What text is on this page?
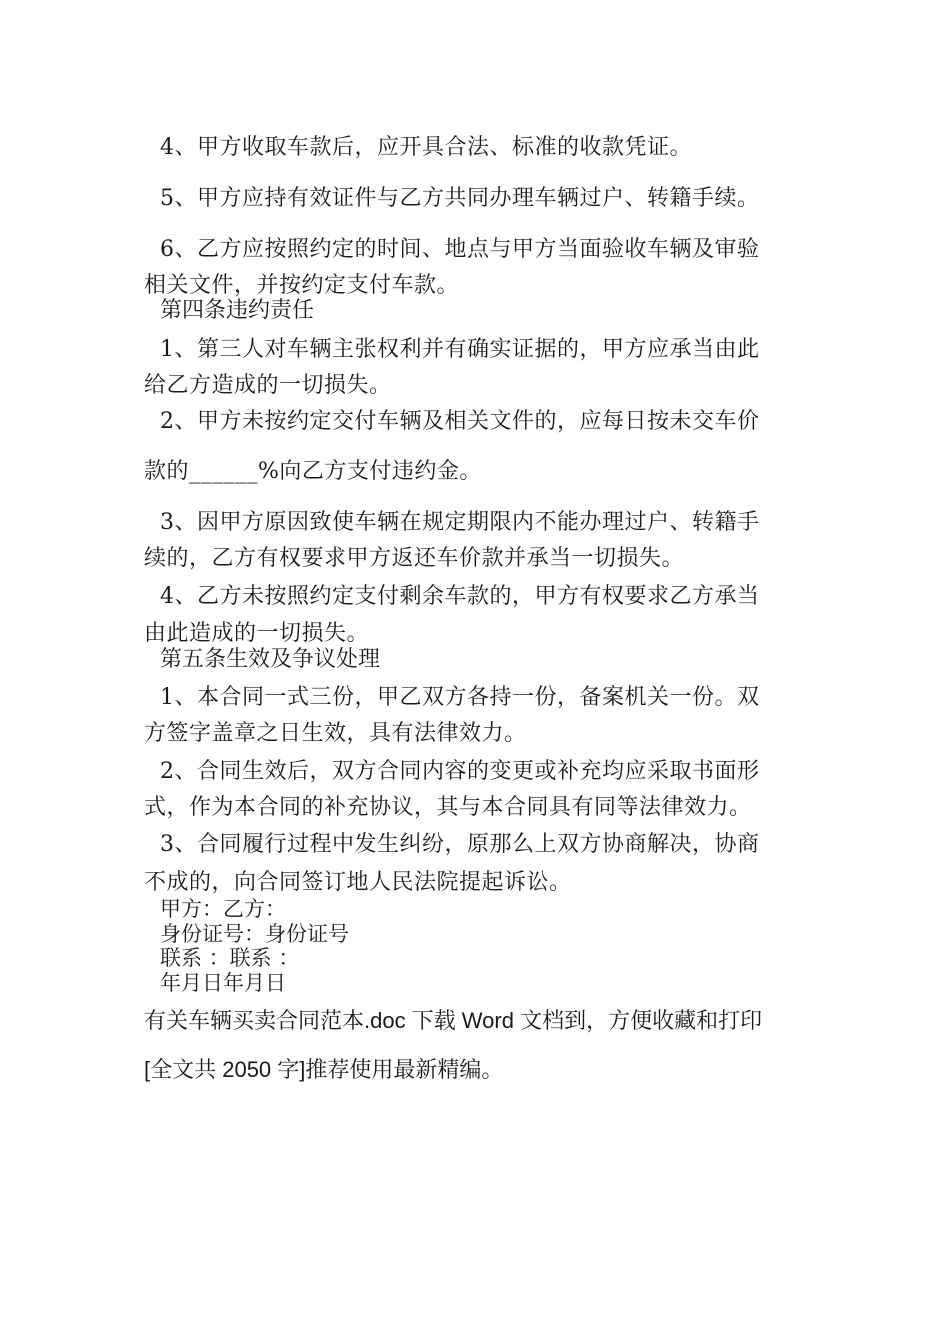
4、甲方收取车款后，应开具合法、标准的收款凭证。
5、甲方应持有效证件与乙方共同办理车辆过户、转籍手续。
6、乙方应按照约定的时间、地点与甲方当面验收车辆及审验
相关文件，并按约定支付车款。
第四条违约责任
1、第三人对车辆主张权利并有确实证据的，甲方应承当由此
给乙方造成的一切损失。
2、甲方未按约定交付车辆及相关文件的，应每日按未交车价
款的______%向乙方支付违约金。
3、因甲方原因致使车辆在规定期限内不能办理过户、转籍手
续的，乙方有权要求甲方返还车价款并承当一切损失。
4、乙方未按照约定支付剩余车款的，甲方有权要求乙方承当
由此造成的一切损失。
第五条生效及争议处理
1、本合同一式三份，甲乙双方各持一份，备案机关一份。双
方签字盖章之日生效，具有法律效力。
2、合同生效后，双方合同内容的变更或补充均应采取书面形
式，作为本合同的补充协议，其与本合同具有同等法律效力。
3、合同履行过程中发生纠纷，原那么上双方协商解决，协商
不成的，向合同签订地人民法院提起诉讼。
甲方：乙方：
身份证号：身份证号
联系 ：联系 ：
年月日年月日
有关车辆买卖合同范本.doc 下载 Word 文档到，方便收藏和打印
[全文共 2050 字]推荐使用最新精编。
